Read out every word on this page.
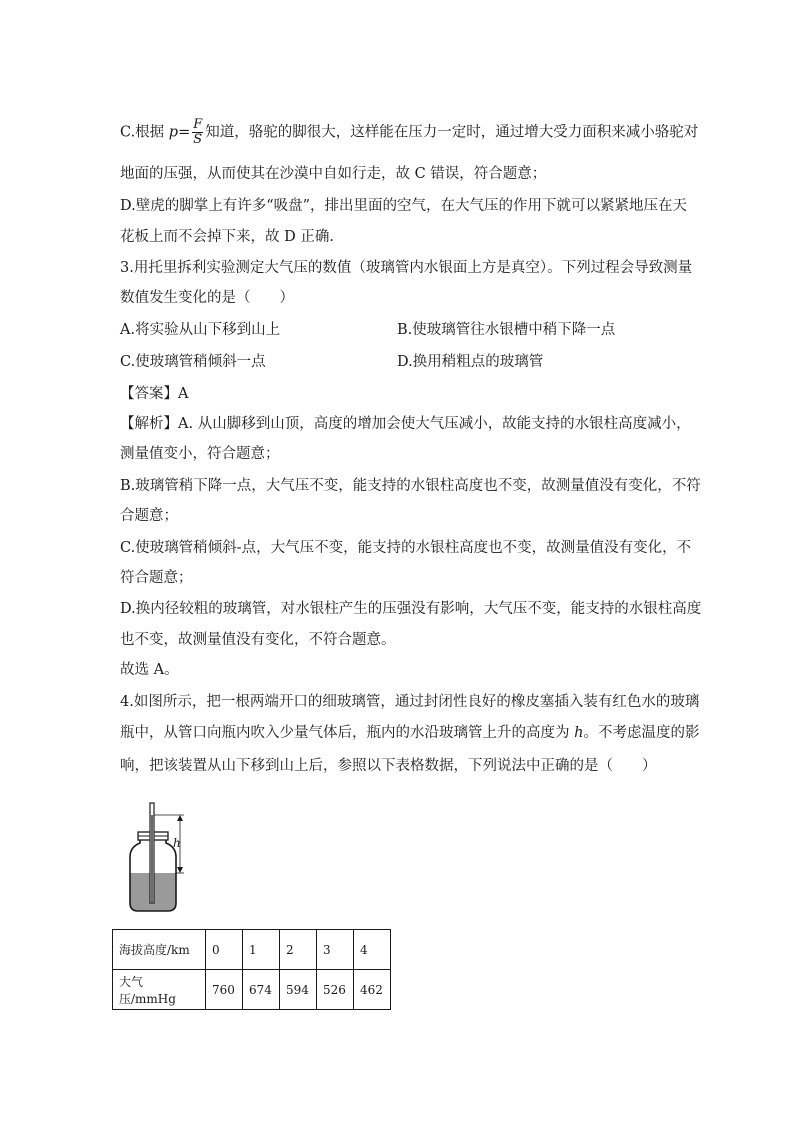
C.根据 $p= \frac{F}{S}$ 知道，骆驼的脚很大，这样能在压力一定时，通过增大受力面积来减小骆驼对
地面的压强，从而使其在沙漠中自如行走，故 C 错误，符合题意；
D.壁虎的脚掌上有许多“吸盘”，排出里面的空气，在大气压的作用下就可以紧紧地压在天
花板上而不会掉下来，故 D 正确.
3.用托里拆利实验测定大气压的数值（玻璃管内水银面上方是真空）。下列过程会导致测量
数值发生变化的是（　　）
A.将实验从山下移到山上	B.使玻璃管往水银槽中稍下降一点
C.使玻璃管稍倾斜一点	D.换用稍粗点的玻璃管
【答案】A
【解析】A. 从山脚移到山顶，高度的增加会使大气压减小，故能支持的水银柱高度减小，
测量值变小，符合题意；
B.玻璃管稍下降一点，大气压不变，能支持的水银柱高度也不变，故测量值没有变化，不符
合题意；
C.使玻璃管稍倾斜-点，大气压不变，能支持的水银柱高度也不变，故测量值没有变化，不
符合题意；
D.换内径较粗的玻璃管，对水银柱产生的压强没有影响，大气压不变，能支持的水银柱高度
也不变，故测量值没有变化，不符合题意。
故选 A。
4.如图所示，把一根两端开口的细玻璃管，通过封闭性良好的橡皮塞插入装有红色水的玻璃
瓶中，从管口向瓶内吹入少量气体后，瓶内的水沿玻璃管上升的高度为 h。不考虑温度的影
响，把该装置从山下移到山上后，参照以下表格数据，下列说法中正确的是（　　）
h
海拔高度/km	0	1	2	3	4
大气压/mmHg	760	674	594	526	462
